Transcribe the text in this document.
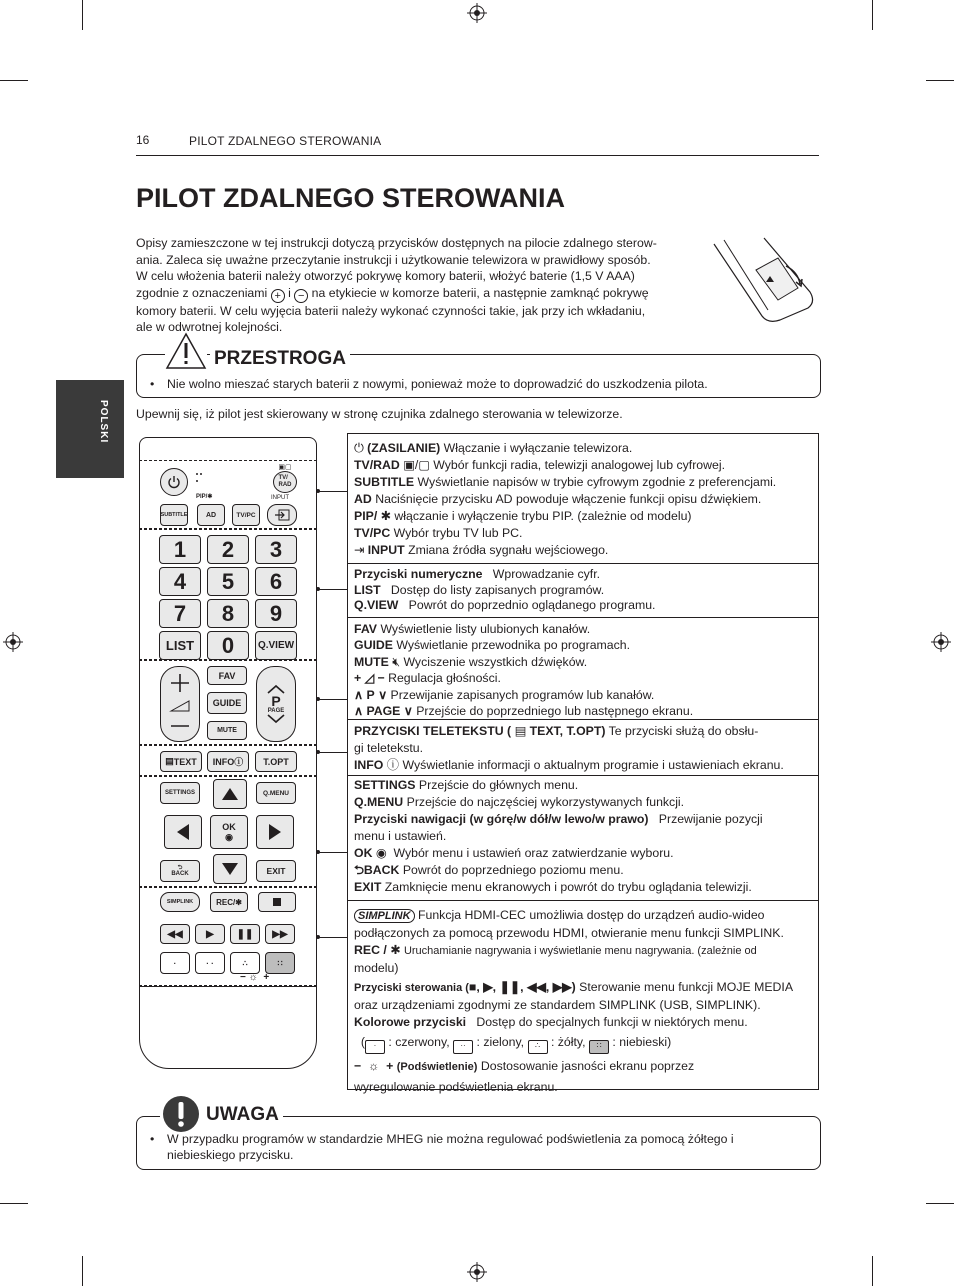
16	PILOT ZDALNEGO STEROWANIA
PILOT ZDALNEGO STEROWANIA
POLSKI

Opisy zamieszczone w tej instrukcji dotyczą przycisków dostępnych na pilocie zdalnego sterow-

ania. Zaleca się uważne przeczytanie instrukcji i użytkowanie telewizora w prawidłowy sposób.

W celu włożenia baterii należy otworzyć pokrywę komory baterii, włożyć baterie (1,5 V AAA)

zgodnie z oznaczeniami + i − na etykiecie w komorze baterii, a następnie zamknąć pokrywę

komory baterii. W celu wyjęcia baterii należy wykonać czynności takie, jak przy ich wkładaniu,

ale w odwrotnej kolejności.

PRZESTROGA
• Nie wolno mieszać starych baterii z nowymi, ponieważ może to doprowadzić do uszkodzenia pilota.
Upewnij się, iż pilot jest skierowany w stronę czujnika zdalnego sterowania w telewizorze.
▣▢
TV/
RAD
PIP/✱	INPUT
SUBTITLE	AD	TV/PC
1	2	3
4	5	6
7	8	9
LIST	0	Q.VIEW
FAV
GUIDE
MUTE
P
PAGE
▤ TEXT INFO ⓘ	T.OPT
SETTINGS	Q.MENU
OK
◉
⮌
BACK	EXIT
SIMPLINK	REC/✱
◀◀ ▶ ❚❚ ▶▶
·	· ·	∴	∷
− ☼  +
⏻ (ZASILANIE) Włączanie i wyłączanie telewizora.
TV/RAD ▣/▢ Wybór funkcji radia, telewizji analogowej lub cyfrowej.
SUBTITLE Wyświetlanie napisów w trybie cyfrowym zgodnie z preferencjami.
AD Naciśnięcie przycisku AD powoduje włączenie funkcji opisu dźwiękiem.
PIP/ ✱ włączanie i wyłączenie trybu PIP. (zależnie od modelu)
TV/PC Wybór trybu TV lub PC.
⇥ INPUT Zmiana źródła sygnału wejściowego.
Przyciski numeryczne Wprowadzanie cyfr.
LIST Dostęp do listy zapisanych programów.
Q.VIEW Powrót do poprzednio oglądanego programu.
FAV Wyświetlenie listy ulubionych kanałów.
GUIDE Wyświetlanie przewodnika po programach.
MUTE 🔇︎ Wyciszenie wszystkich dźwięków.
+ ◿ − Regulacja głośności.
∧ P ∨ Przewijanie zapisanych programów lub kanałów.
∧ PAGE ∨ Przejście do poprzedniego lub następnego ekranu.
PRZYCISKI TELETEKSTU ( ▤ TEXT, T.OPT) Te przyciski służą do obsłu-
gi teletekstu.
INFO ⓘ Wyświetlanie informacji o aktualnym programie i ustawieniach ekranu.
SETTINGS Przejście do głównych menu.
Q.MENU Przejście do najczęściej wykorzystywanych funkcji.
Przyciski nawigacji (w górę/w dół/w lewo/w prawo) Przewijanie pozycji
menu i ustawień.
OK ◉ Wybór menu i ustawień oraz zatwierdzanie wyboru.
⮌BACK Powrót do poprzedniego poziomu menu.
EXIT Zamknięcie menu ekranowych i powrót do trybu oglądania telewizji.
SIMPLINK Funkcja HDMI-CEC umożliwia dostęp do urządzeń audio-wideo
podłączonych za pomocą przewodu HDMI, otwieranie menu funkcji SIMPLINK.
REC / ✱ Uruchamianie nagrywania i wyświetlanie menu nagrywania. (zależnie od
modelu)
Przyciski sterowania (■, ▶, ❚❚, ◀◀, ▶▶) Sterowanie menu funkcji MOJE MEDIA
oraz urządzeniami zgodnymi ze standardem SIMPLINK (USB, SIMPLINK).
Kolorowe przyciski Dostęp do specjalnych funkcji w niektórych menu.
( · : czerwony, ·· : zielony, ∴ : żółty, ∷ : niebieski)
−  ☼  + (Podświetlenie) Dostosowanie jasności ekranu poprzez
wyregulowanie podświetlenia ekranu.
UWAGA
• W przypadku programów w standardzie MHEG nie można regulować podświetlenia za pomocą żółtego i
niebieskiego przycisku.
